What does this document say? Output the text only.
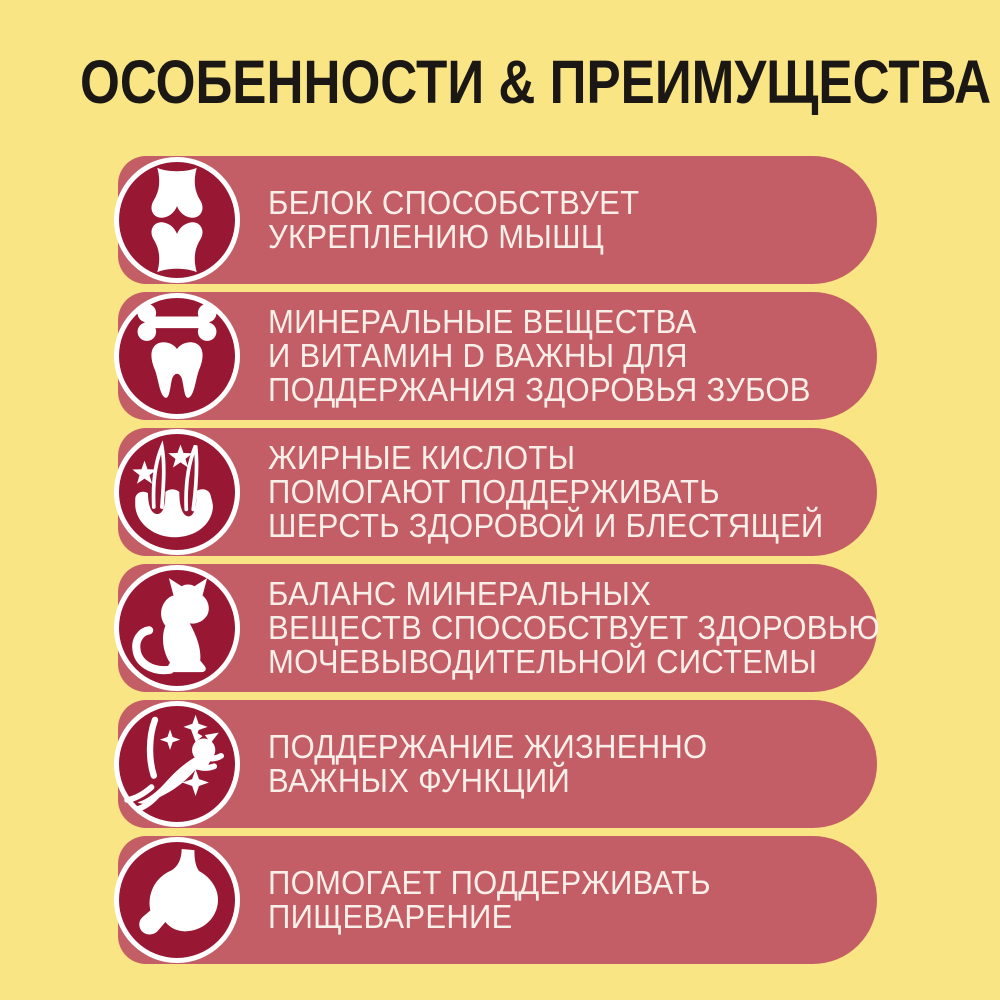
ОСОБЕННОСТИ & ПРЕИМУЩЕСТВА
БЕЛОК СПОСОБСТВУЕТ
УКРЕПЛЕНИЮ МЫШЦ
МИНЕРАЛЬНЫЕ ВЕЩЕСТВА
И ВИТАМИН D ВАЖНЫ ДЛЯ
ПОДДЕРЖАНИЯ ЗДОРОВЬЯ ЗУБОВ
ЖИРНЫЕ КИСЛОТЫ
ПОМОГАЮТ ПОДДЕРЖИВАТЬ
ШЕРСТЬ ЗДОРОВОЙ И БЛЕСТЯЩЕЙ
БАЛАНС МИНЕРАЛЬНЫХ
ВЕЩЕСТВ СПОСОБСТВУЕТ ЗДОРОВЬЮ
МОЧЕВЫВОДИТЕЛЬНОЙ СИСТЕМЫ
ПОДДЕРЖАНИЕ ЖИЗНЕННО
ВАЖНЫХ ФУНКЦИЙ
ПОМОГАЕТ ПОДДЕРЖИВАТЬ
ПИЩЕВАРЕНИЕ
